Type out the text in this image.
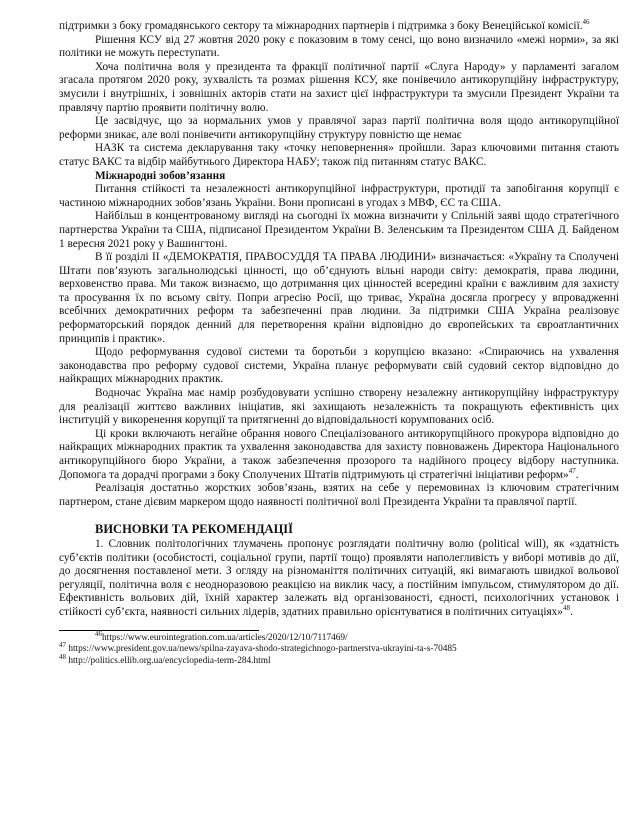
підтримки з боку громадянського сектору та міжнародних партнерів і підтримка з боку Венеційської комісії.$^{46}$

Рішення КСУ від 27 жовтня 2020 року є показовим в тому сенсі, що воно визначило «межі норми», за які політики не можуть переступати.

Хоча політична воля у президента та фракції політичної партії «Слуга Народу» у парламенті загалом згасала протягом 2020 року, зухвалість та розмах рішення КСУ, яке понівечило антикорупційну інфраструктуру, змусили і внутрішніх, і зовнішніх акторів стати на захист цієї інфраструктури та змусили Президент України та правлячу партію проявити політичну волю.

Це засвідчує, що за нормальних умов у правлячої зараз партії політична воля щодо антикорупційної реформи зникає, але волі понівечити антикорупційну структуру повністю ще немає

НАЗК та система декларування таку «точку неповернення» пройшли. Зараз ключовими питання стають статус ВАКС та відбір майбутнього Директора НАБУ; також під питанням статус ВАКС.

Міжнародні зобов’язання

Питання стійкості та незалежності антикорупційної інфраструктури, протидії та запобігання корупції є частиною міжнародних зобов’язань України. Вони прописані в угодах з МВФ, ЄС та США.

Найбільш в концентрованому вигляді на сьогодні їх можна визначити у Спільній заяві щодо стратегічного партнерства України та США, підписаної Президентом України В. Зеленським та Президентом США Д. Байденом 1 вересня 2021 року у Вашингтоні.

В її розділі II «ДЕМОКРАТІЯ, ПРАВОСУДДЯ ТА ПРАВА ЛЮДИНИ» визначається: «Україну та Сполучені Штати пов’язують загальнолюдські цінності, що об’єднують вільні народи світу: демократія, права людини, верховенство права. Ми також визнаємо, що дотримання цих цінностей всередині країни є важливим для захисту та просування їх по всьому світу. Попри агресію Росії, що триває, Україна досягла прогресу у впровадженні всебічних демократичних реформ та забезпеченні прав людини. За підтримки США Україна реалізовує реформаторський порядок денний для перетворення країни відповідно до європейських та євроатлантичних принципів і практик».

Щодо реформування судової системи та боротьби з корупцією вказано: «Спираючись на ухвалення законодавства про реформу судової системи, Україна планує реформувати свій судовий сектор відповідно до найкращих міжнародних практик.

Водночас Україна має намір розбудовувати успішно створену незалежну антикорупційну інфраструктуру для реалізації життєво важливих ініціатив, які захищають незалежність та покращують ефективність цих інституцій у викоренення корупції та притягненні до відповідальності корумпованих осіб.

Ці кроки включають негайне обрання нового Спеціалізованого антикорупційного прокурора відповідно до найкращих міжнародних практик та ухвалення законодавства для захисту повноважень Директора Національного антикорупційного бюро України, а також забезпечення прозорого та надійного процесу відбору наступника. Допомога та дорадчі програми з боку Сполучених Штатів підтримують ці стратегічні ініціативи реформ»$^{47}$.

Реалізація достатньо жорстких зобов’язань, взятих на себе у перемовинах із ключовим стратегічним партнером, стане дієвим маркером щодо наявності політичної волі Президента України та правлячої партії.

ВИСНОВКИ ТА РЕКОМЕНДАЦІЇ

1. Словник політологічних тлумачень пропонує розглядати політичну волю (political will), як «здатність суб’єктів політики (особистості, соціальної групи, партії тощо) проявляти наполегливість у виборі мотивів до дії, до досягнення поставленої мети. З огляду на різноманіття політичних ситуацій, які вимагають швидкої вольової регуляції, політична воля є неодноразовою реакцією на виклик часу, а постійним імпульсом, стимулятором до дії. Ефективність вольових дій, їхній характер залежать від організованості, єдності, психологічних установок і стійкості суб’єкта, наявності сильних лідерів, здатних правильно орієнтуватися в політичних ситуаціях»$^{48}$.

$^{46}$https://www.eurointegration.com.ua/articles/2020/12/10/7117469/

$^{47}$ https://www.president.gov.ua/news/spilna-zayava-shodo-strategichnogo-partnerstva-ukrayini-ta-s-70485

$^{48}$ http://politics.ellib.org.ua/encyclopedia-term-284.html
